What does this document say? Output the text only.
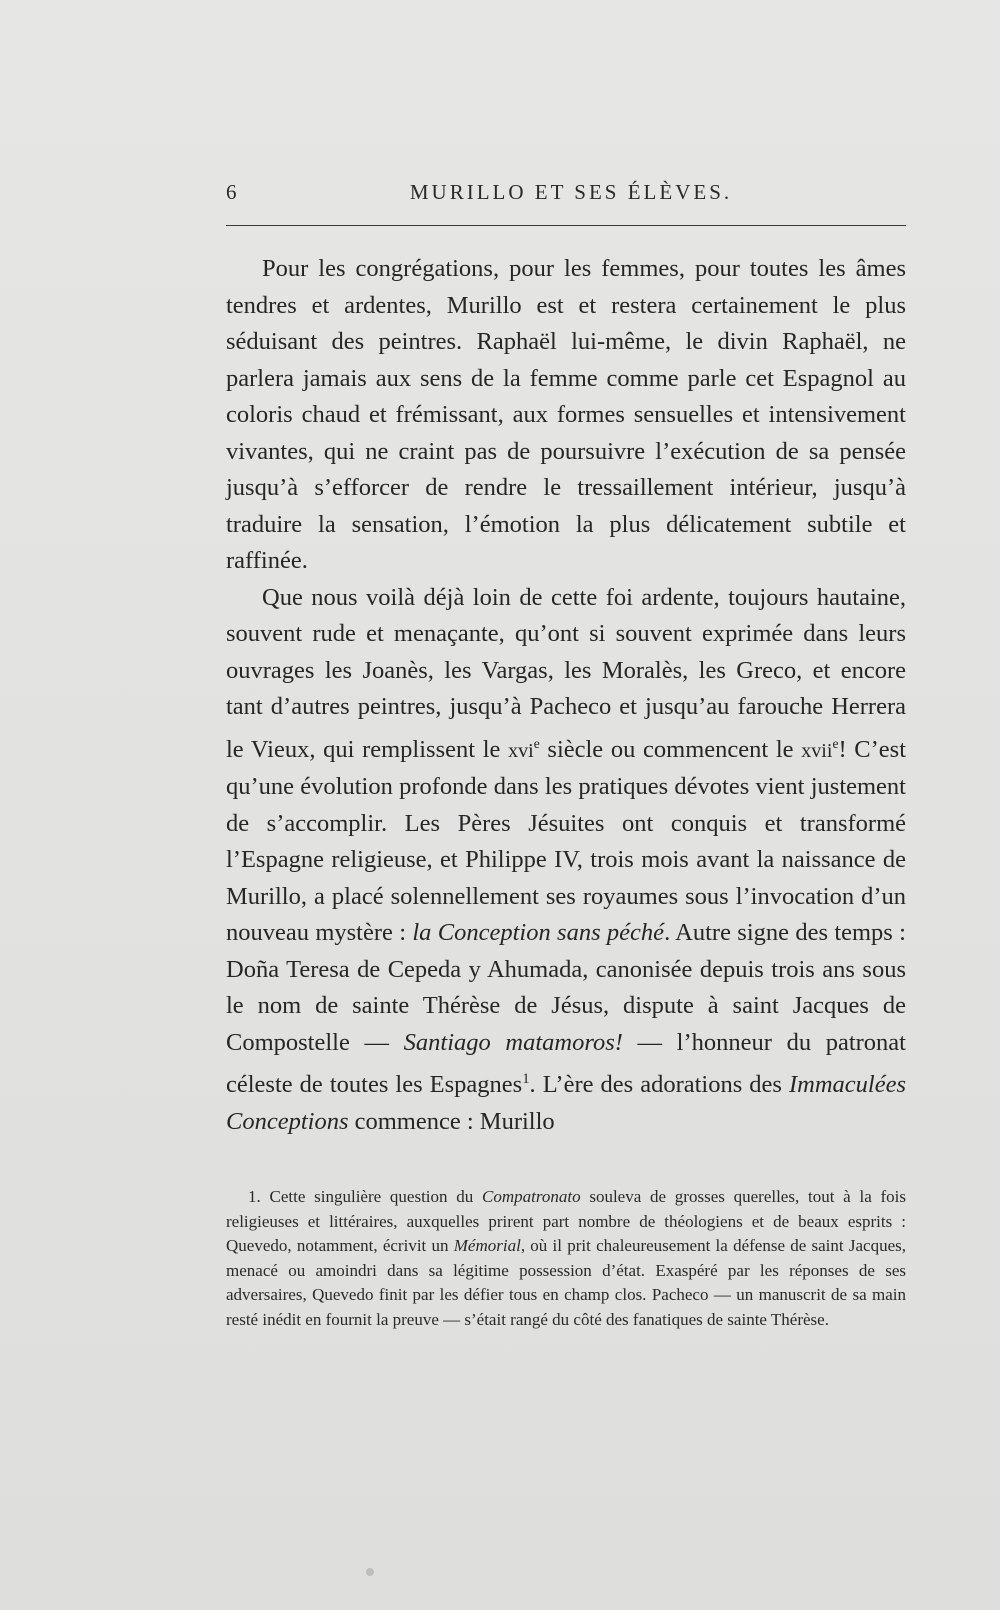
6	MURILLO ET SES ÉLÈVES.

Pour les congrégations, pour les femmes, pour toutes les âmes tendres et ardentes, Murillo est et restera certainement le plus séduisant des peintres. Raphaël lui-même, le divin Raphaël, ne parlera jamais aux sens de la femme comme parle cet Espagnol au coloris chaud et frémissant, aux formes sensuelles et intensivement vivantes, qui ne craint pas de poursuivre l’exécution de sa pensée jusqu’à s’efforcer de rendre le tressaillement intérieur, jusqu’à traduire la sensation, l’émotion la plus délicatement subtile et raffinée.

Que nous voilà déjà loin de cette foi ardente, toujours hautaine, souvent rude et menaçante, qu’ont si souvent exprimée dans leurs ouvrages les Joanès, les Vargas, les Moralès, les Greco, et encore tant d’autres peintres, jusqu’à Pacheco et jusqu’au farouche Herrera le Vieux, qui remplissent le xvi$^e$ siècle ou commencent le xvii$^e$! C’est qu’une évolution profonde dans les pratiques dévotes vient justement de s’accomplir. Les Pères Jésuites ont conquis et transformé l’Espagne religieuse, et Philippe IV, trois mois avant la naissance de Murillo, a placé solennellement ses royaumes sous l’invocation d’un nouveau mystère : la Conception sans péché. Autre signe des temps : Doña Teresa de Cepeda y Ahumada, canonisée depuis trois ans sous le nom de sainte Thérèse de Jésus, dispute à saint Jacques de Compostelle — Santiago matamoros! — l’honneur du patronat céleste de toutes les Espagnes$^1$. L’ère des adorations des Immaculées Conceptions commence : Murillo

1. Cette singulière question du Compatronato souleva de grosses querelles, tout à la fois religieuses et littéraires, auxquelles prirent part nombre de théologiens et de beaux esprits : Quevedo, notamment, écrivit un Mémorial, où il prit chaleureusement la défense de saint Jacques, menacé ou amoindri dans sa légitime possession d’état. Exaspéré par les réponses de ses adversaires, Quevedo finit par les défier tous en champ clos. Pacheco — un manuscrit de sa main resté inédit en fournit la preuve — s’était rangé du côté des fanatiques de sainte Thérèse.
